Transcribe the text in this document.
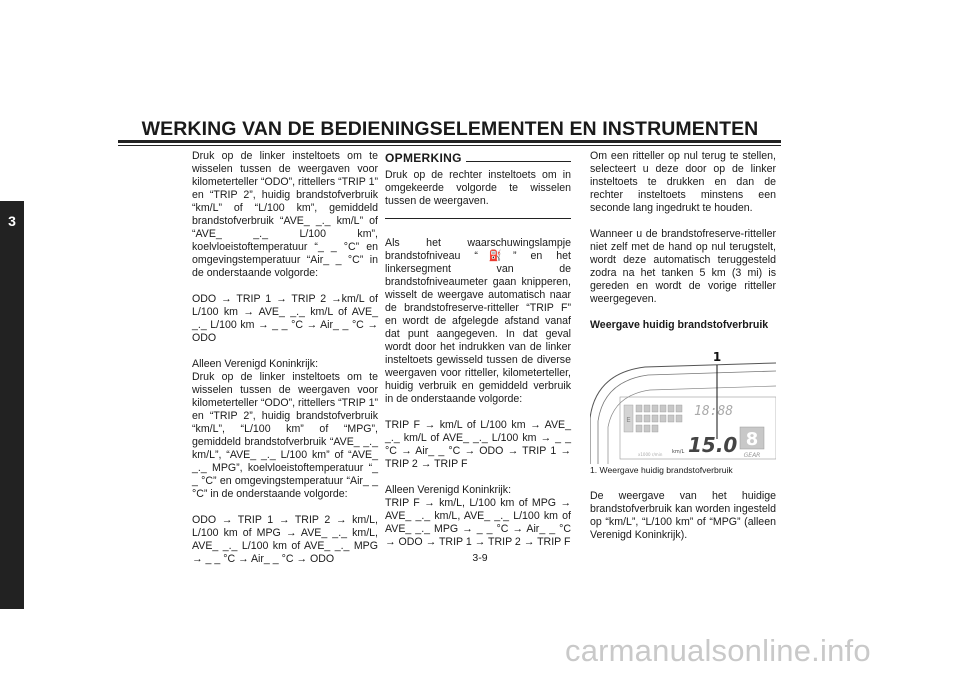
WERKING VAN DE BEDIENINGSELEMENTEN EN INSTRUMENTEN
3

Druk op de linker insteltoets om te wisselen tussen de weergaven voor kilometerteller “ODO”, rittellers “TRIP 1” en “TRIP 2”, huidig brandstofverbruik “km/L” of “L/100 km”, gemiddeld brandstofverbruik “AVE_ _._ km/L” of “AVE_ _._ L/100 km”, koelvloeistoftemperatuur “_ _ °C” en omgevingstemperatuur “Air_ _ °C” in de onderstaande volgorde:

ODO → TRIP 1 → TRIP 2 →km/L of L/100 km → AVE_ _._ km/L of AVE_ _._ L/100 km → _ _ °C → Air_ _ °C → ODO

Alleen Verenigd Koninkrijk:
Druk op de linker insteltoets om te wisselen tussen de weergaven voor kilometerteller “ODO”, rittellers “TRIP 1” en “TRIP 2”, huidig brandstofverbruik “km/L”, “L/100 km” of “MPG”, gemiddeld brandstofverbruik “AVE_ _._ km/L”, “AVE_ _._ L/100 km” of “AVE_ _._ MPG”, koelvloeistoftemperatuur “_ _ °C” en omgevingstemperatuur “Air_ _ °C” in de onderstaande volgorde:

ODO → TRIP 1 → TRIP 2 → km/L, L/100 km of MPG → AVE_ _._ km/L, AVE_ _._ L/100 km of AVE_ _._ MPG → _ _ °C → Air_ _ °C → ODO

OPMERKING

Druk op de rechter insteltoets om in omgekeerde volgorde te wisselen tussen de weergaven.

Als het waarschuwingslampje brandstofniveau “⛽” en het linkersegment van de brandstofniveaumeter gaan knipperen, wisselt de weergave automatisch naar de brandstofreserve-ritteller “TRIP F” en wordt de afgelegde afstand vanaf dat punt aangegeven. In dat geval wordt door het indrukken van de linker insteltoets gewisseld tussen de diverse weergaven voor ritteller, kilometerteller, huidig verbruik en gemiddeld verbruik in de onderstaande volgorde:

TRIP F → km/L of L/100 km → AVE_ _._ km/L of AVE_ _._ L/100 km → _ _ °C → Air_ _ °C → ODO → TRIP 1 → TRIP 2 → TRIP F

Alleen Verenigd Koninkrijk:
TRIP F → km/L, L/100 km of MPG → AVE_ _._ km/L, AVE_ _._ L/100 km of AVE_ _._ MPG → _ _ °C → Air_ _ °C → ODO → TRIP 1 → TRIP 2 → TRIP F

Om een ritteller op nul terug te stellen, selecteert u deze door op de linker insteltoets te drukken en dan de rechter insteltoets minstens een seconde lang ingedrukt te houden.

Wanneer u de brandstofreserve-ritteller niet zelf met de hand op nul terugstelt, wordt deze automatisch teruggesteld zodra na het tanken 5 km (3 mi) is gereden en wordt de vorige ritteller weergegeven.

Weergave huidig brandstofverbruik

E
18:88
15.0
km/L
x1000 r/min
8
GEAR
1

1. Weergave huidig brandstofverbruik

De weergave van het huidige brandstofverbruik kan worden ingesteld op “km/L”, “L/100 km” of “MPG” (alleen Verenigd Koninkrijk).

3-9
carmanualsonline.info
